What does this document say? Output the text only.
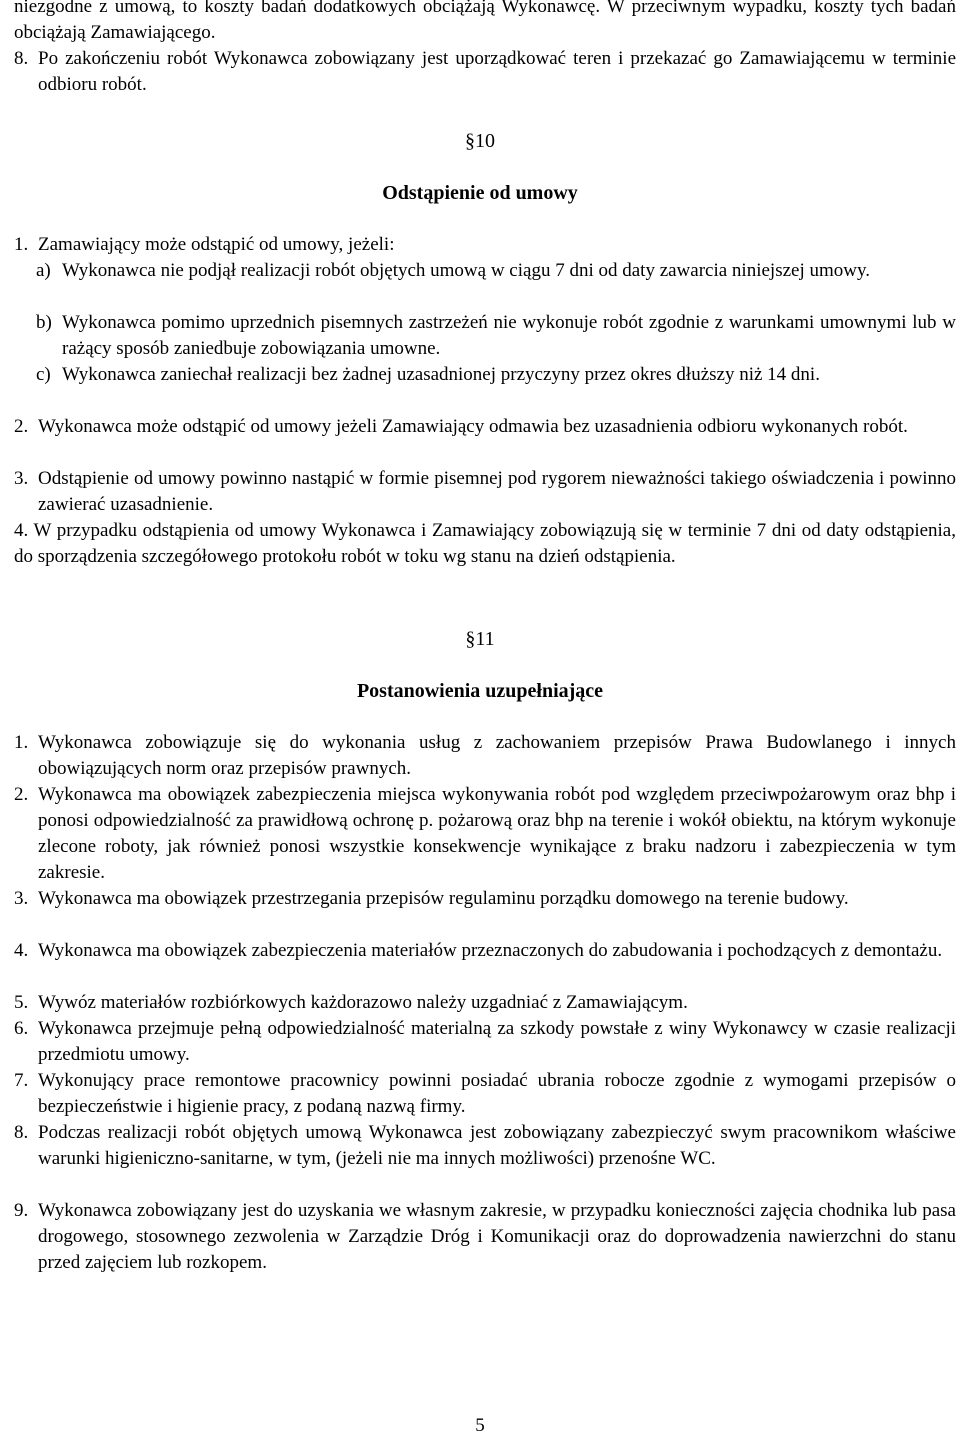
niezgodne z umową, to koszty badań dodatkowych obciążają Wykonawcę. W przeciwnym wypadku, koszty tych badań obciążają Zamawiającego.

8. Po zakończeniu robót Wykonawca zobowiązany jest uporządkować teren i przekazać go Zamawiającemu w terminie odbioru robót.

§10

Odstąpienie od umowy

1. Zamawiający może odstąpić od umowy, jeżeli:
a) Wykonawca nie podjął realizacji robót objętych umową w ciągu 7 dni od daty zawarcia niniejszej umowy.
b) Wykonawca pomimo uprzednich pisemnych zastrzeżeń nie wykonuje robót zgodnie z warunkami umownymi lub w rażący sposób zaniedbuje zobowiązania umowne.
c) Wykonawca zaniechał realizacji bez żadnej uzasadnionej przyczyny przez okres dłuższy niż 14 dni.
2. Wykonawca może odstąpić od umowy jeżeli Zamawiający odmawia bez uzasadnienia odbioru wykonanych robót.
3. Odstąpienie od umowy powinno nastąpić w formie pisemnej pod rygorem nieważności takiego oświadczenia i powinno zawierać uzasadnienie.

4. W przypadku odstąpienia od umowy Wykonawca i Zamawiający zobowiązują się w terminie 7 dni od daty odstąpienia, do sporządzenia szczegółowego protokołu robót w toku wg stanu na dzień odstąpienia.

§11

Postanowienia uzupełniające

1. Wykonawca zobowiązuje się do wykonania usług z zachowaniem przepisów Prawa Budowlanego i innych obowiązujących norm oraz przepisów prawnych.
2. Wykonawca ma obowiązek zabezpieczenia miejsca wykonywania robót pod względem przeciwpożarowym oraz bhp i ponosi odpowiedzialność za prawidłową ochronę p. pożarową oraz bhp na terenie i wokół obiektu, na którym wykonuje zlecone roboty, jak również ponosi wszystkie konsekwencje wynikające z braku nadzoru i zabezpieczenia w tym zakresie.
3. Wykonawca ma obowiązek przestrzegania przepisów regulaminu porządku domowego na terenie budowy.
4. Wykonawca ma obowiązek zabezpieczenia materiałów przeznaczonych do zabudowania i pochodzących z demontażu.
5. Wywóz materiałów rozbiórkowych każdorazowo należy uzgadniać z Zamawiającym.
6. Wykonawca przejmuje pełną odpowiedzialność materialną za szkody powstałe z winy Wykonawcy w czasie realizacji przedmiotu umowy.
7. Wykonujący prace remontowe pracownicy powinni posiadać ubrania robocze zgodnie z wymogami przepisów o bezpieczeństwie i higienie pracy, z podaną nazwą firmy.
8. Podczas realizacji robót objętych umową Wykonawca jest zobowiązany zabezpieczyć swym pracownikom właściwe warunki higieniczno-sanitarne, w tym, (jeżeli nie ma innych możliwości) przenośne WC.
9. Wykonawca zobowiązany jest do uzyskania we własnym zakresie, w przypadku konieczności zajęcia chodnika lub pasa drogowego, stosownego zezwolenia w Zarządzie Dróg i Komunikacji oraz do doprowadzenia nawierzchni do stanu przed zajęciem lub rozkopem.
5
